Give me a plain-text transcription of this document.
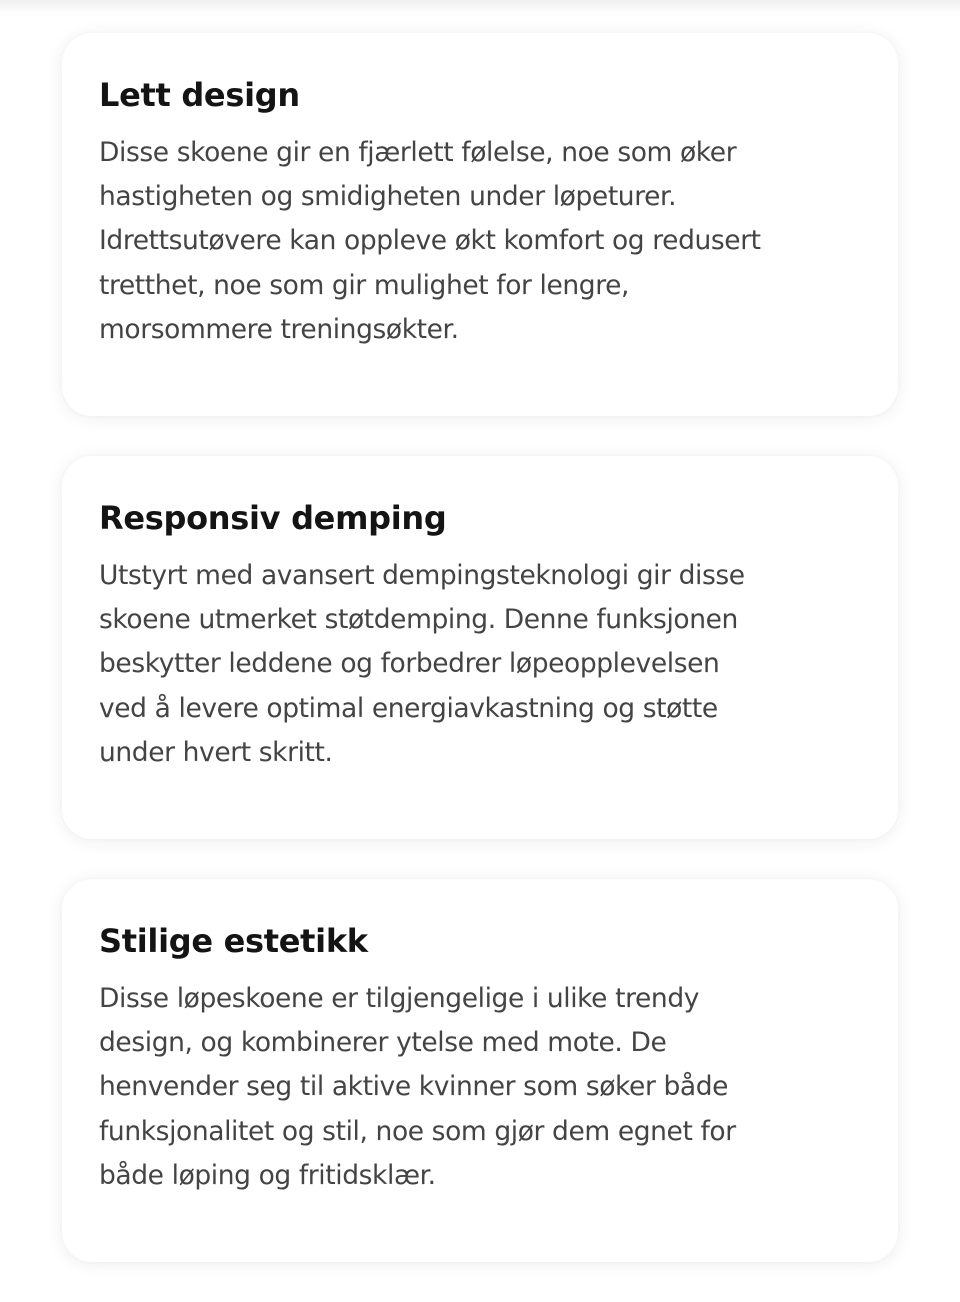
Lett design

Disse skoene gir en fjærlett følelse, noe som øker
hastigheten og smidigheten under løpeturer.
Idrettsutøvere kan oppleve økt komfort og redusert
tretthet, noe som gir mulighet for lengre,
morsommere treningsøkter.

Responsiv demping

Utstyrt med avansert dempingsteknologi gir disse
skoene utmerket støtdemping. Denne funksjonen
beskytter leddene og forbedrer løpeopplevelsen
ved å levere optimal energiavkastning og støtte
under hvert skritt.

Stilige estetikk

Disse løpeskoene er tilgjengelige i ulike trendy
design, og kombinerer ytelse med mote. De
henvender seg til aktive kvinner som søker både
funksjonalitet og stil, noe som gjør dem egnet for
både løping og fritidsklær.
